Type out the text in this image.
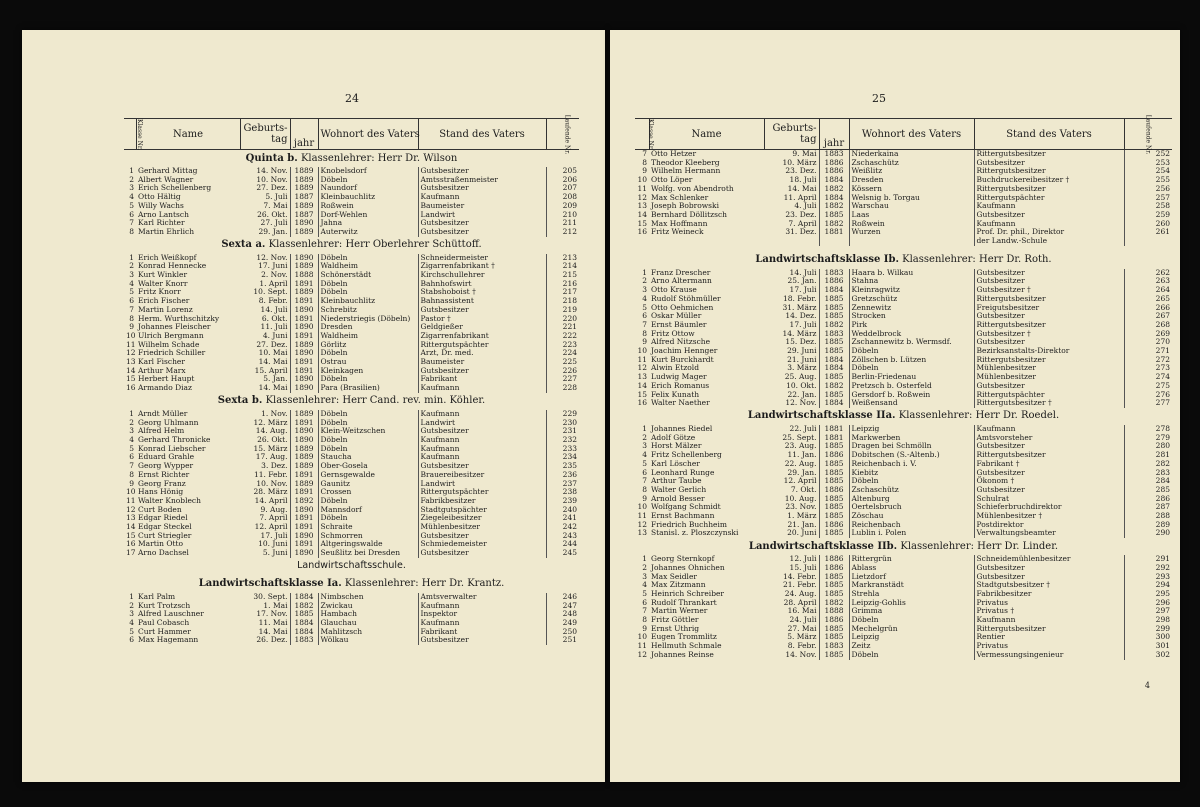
24
Klasse Nr.	Name	Geburts-
tag	jahr	Wohnort des Vaters	Stand des Vaters	Laufende Nr.
Quinta b. Klassenlehrer: Herr Dr. Wilson						
1	Gerhard Mittag	14. Nov.	1889	Knobelsdorf	Gutsbesitzer	205
2	Albert Wagner	10. Nov.	1889	Döbeln	Amtsstraßenmeister	206
3	Erich Schellenberg	27. Dez.	1889	Naundorf	Gutsbesitzer	207
4	Otto Hältig	5. Juli	1887	Kleinbauchlitz	Kaufmann	208
5	Willy Wachs	7. Mai	1889	Roßwein	Baumeister	209
6	Arno Lantsch	26. Okt.	1887	Dorf-Wehlen	Landwirt	210
7	Karl Richter	27. Juli	1890	Jahna	Gutsbesitzer	211
8	Martin Ehrlich	29. Jan.	1889	Auterwitz	Gutsbesitzer	212
Sexta a. Klassenlehrer: Herr Oberlehrer Schüttoff.						
1	Erich Weißkopf	12. Nov.	1890	Döbeln	Schneidermeister	213
2	Konrad Hennecke	17. Juni	1889	Waldheim	Zigarrenfabrikant †	214
3	Kurt Winkler	2. Nov.	1888	Schönerstädt	Kirchschullehrer	215
4	Walter Knorr	1. April	1891	Döbeln	Bahnhofswirt	216
5	Fritz Knorr	10. Sept.	1889	Döbeln	Stabshoboist †	217
6	Erich Fischer	8. Febr.	1891	Kleinbauchlitz	Bahnassistent	218
7	Martin Lorenz	14. Juli	1890	Schrebitz	Gutsbesitzer	219
8	Herm. Wurthschitzky	6. Okt.	1891	Niederstriegis (Döbeln)	Pastor †	220
9	Johannes Fleischer	11. Juli	1890	Dresden	Geldgießer	221
10	Ulrich Bergmann	4. Juni	1891	Waldheim	Zigarrenfabrikant	222
11	Wilhelm Schade	27. Dez.	1889	Görlitz	Rittergutspächter	223
12	Friedrich Schiller	10. Mai	1890	Döbeln	Arzt, Dr. med.	224
13	Karl Fischer	14. Mai	1891	Ostrau	Baumeister	225
14	Arthur Marx	15. April	1891	Kleinkagen	Gutsbesitzer	226
15	Herbert Haupt	5. Jan.	1890	Döbeln	Fabrikant	227
16	Armando Diaz	14. Mai	1890	Para (Brasilien)	Kaufmann	228
Sexta b. Klassenlehrer: Herr Cand. rev. min. Köhler.						
1	Arndt Müller	1. Nov.	1889	Döbeln	Kaufmann	229
2	Georg Uhlmann	12. März	1891	Döbeln	Landwirt	230
3	Alfred Helm	14. Aug.	1890	Klein-Weitzschen	Gutsbesitzer	231
4	Gerhard Thronicke	26. Okt.	1890	Döbeln	Kaufmann	232
5	Konrad Liebscher	15. März	1889	Döbeln	Kaufmann	233
6	Eduard Grahle	17. Aug.	1889	Staucha	Kaufmann	234
7	Georg Wypper	3. Dez.	1889	Ober-Gosela	Gutsbesitzer	235
8	Ernst Richter	11. Febr.	1891	Gernsgewalde	Brauereibesitzer	236
9	Georg Franz	10. Nov.	1889	Gaunitz	Landwirt	237
10	Hans Hönig	28. März	1891	Crossen	Rittergutspächter	238
11	Walter Knoblech	14. April	1892	Döbeln	Fabrikbesitzer	239
12	Curt Boden	9. Aug.	1890	Mannsdorf	Stadtgutspächter	240
13	Edgar Riedel	7. April	1891	Döbeln	Ziegeleibesitzer	241
14	Edgar Steckel	12. April	1891	Schraite	Mühlenbesitzer	242
15	Curt Striegler	17. Juli	1890	Schmorren	Gutsbesitzer	243
16	Martin Otto	10. Juni	1891	Altgeringswalde	Schmiedemeister	244
17	Arno Dachsel	5. Juni	1890	Seußlitz bei Dresden	Gutsbesitzer	245
Landwirtschaftsschule.						
Landwirtschaftsklasse Ia. Klassenlehrer: Herr Dr. Krantz.						
1	Karl Palm	30. Sept.	1884	Nimbschen	Amtsverwalter	246
2	Kurt Trotzsch	1. Mai	1882	Zwickau	Kaufmann	247
3	Alfred Lauschner	17. Nov.	1885	Hambach	Inspektor	248
4	Paul Cobasch	11. Mai	1884	Glauchau	Kaufmann	249
5	Curt Hammer	14. Mai	1884	Mahlitzsch	Fabrikant	250
6	Max Hagemann	26. Dez.	1883	Wölkau	Gutsbesitzer	251
25
Klasse Nr.	Name	Geburts-
tag	jahr	Wohnort des Vaters	Stand des Vaters	Laufende Nr.
7	Otto Hetzer	9. Mai	1883	Niederkaina	Rittergutsbesitzer	252
8	Theodor Kleeberg	10. März	1886	Zschaschütz	Gutsbesitzer	253
9	Wilhelm Hermann	23. Dez.	1886	Weißlitz	Rittergutsbesitzer	254
10	Otto Löper	18. Juli	1884	Dresden	Buchdruckereibesitzer †	255
11	Wolfg. von Abendroth	14. Mai	1882	Kössern	Rittergutsbesitzer	256
12	Max Schlenker	11. April	1884	Welsnig b. Torgau	Rittergutspächter	257
13	Joseph Bobrowski	4. Juli	1882	Warschau	Kaufmann	258
14	Bernhard Döllitzsch	23. Dez.	1885	Laas	Gutsbesitzer	259
15	Max Hoffmann	7. April	1882	Roßwein	Kaufmann	260
16	Fritz Weineck	31. Dez.	1881	Wurzen	Prof. Dr. phil., Direktor	261
					der Landw.-Schule	

Landwirtschaftsklasse Ib. Klassenlehrer: Herr Dr. Roth.						
1	Franz Drescher	14. Juli	1883	Haara b. Wilkau	Gutsbesitzer	262
2	Arno Altermann	25. Jan.	1886	Stahna	Gutsbesitzer	263
3	Otto Krause	17. Juli	1884	Kleinragwitz	Gutsbesitzer †	264
4	Rudolf Stöhmüller	18. Febr.	1885	Gretzschütz	Rittergutsbesitzer	265
5	Otto Oehmichen	31. März	1885	Zennewitz	Freigutsbesitzer	266
6	Oskar Müller	14. Dez.	1885	Strocken	Gutsbesitzer	267
7	Ernst Bäumler	17. Juli	1882	Pirk	Rittergutsbesitzer	268
8	Fritz Ottow	14. März	1883	Weddelbrock	Gutsbesitzer †	269
9	Alfred Nitzsche	15. Dez.	1885	Zschannewitz b. Wermsdf.	Gutsbesitzer	270
10	Joachim Hennger	29. Juni	1885	Döbeln	Bezirksanstalts-Direktor	271
11	Kurt Burckhardt	21. Juni	1884	Zöllschen b. Lützen	Rittergutsbesitzer	272
12	Alwin Etzold	3. März	1884	Döbeln	Mühlenbesitzer	273
13	Ludwig Mager	25. Aug.	1885	Berlin-Friedenau	Mühlenbesitzer	274
14	Erich Romanus	10. Okt.	1882	Pretzsch b. Osterfeld	Gutsbesitzer	275
15	Felix Kunath	22. Jan.	1885	Gersdorf b. Roßwein	Rittergutspächter	276
16	Walter Naether	12. Nov.	1884	Weißensand	Rittergutsbesitzer †	277
Landwirtschaftsklasse IIa. Klassenlehrer: Herr Dr. Roedel.						
1	Johannes Riedel	22. Juli	1881	Leipzig	Kaufmann	278
2	Adolf Götze	25. Sept.	1881	Markwerben	Amtsvorsteher	279
3	Horst Mälzer	23. Aug.	1885	Dragen bei Schmölln	Gutsbesitzer	280
4	Fritz Schellenberg	11. Jan.	1886	Dobitschen (S.-Altenb.)	Rittergutsbesitzer	281
5	Karl Löscher	22. Aug.	1885	Reichenbach i. V.	Fabrikant †	282
6	Leonhard Runge	29. Jan.	1885	Kiebitz	Gutsbesitzer	283
7	Arthur Taube	12. April	1885	Döbeln	Ökonom †	284
8	Walter Gerlich	7. Okt.	1886	Zschaschütz	Gutsbesitzer	285
9	Arnold Besser	10. Aug.	1885	Altenburg	Schulrat	286
10	Wolfgang Schmidt	23. Nov.	1885	Oertelsbruch	Schieferbruchdirektor	287
11	Ernst Bachmann	1. März	1885	Zöschau	Mühlenbesitzer †	288
12	Friedrich Buchheim	21. Jan.	1886	Reichenbach	Postdirektor	289
13	Stanisl. z. Ploszczynski	20. Juni	1885	Lublin i. Polen	Verwaltungsbeamter	290
Landwirtschaftsklasse IIb. Klassenlehrer: Herr Dr. Linder.						
1	Georg Sternkopf	12. Juli	1886	Rittergrün	Schneidemühlenbesitzer	291
2	Johannes Ohnichen	15. Juli	1886	Ablass	Gutsbesitzer	292
3	Max Seidler	14. Febr.	1885	Lietzdorf	Gutsbesitzer	293
4	Max Zitzmann	21. Febr.	1885	Markranstädt	Stadtgutsbesitzer †	294
5	Heinrich Schreiber	24. Aug.	1885	Strehla	Fabrikbesitzer	295
6	Rudolf Thrankart	28. April	1882	Leipzig-Gohlis	Privatus	296
7	Martin Werner	16. Mai	1888	Grimma	Privatus †	297
8	Fritz Göttler	24. Juli	1886	Döbeln	Kaufmann	298
9	Ernst Uthrig	27. Mai	1885	Mechelgrün	Rittergutsbesitzer	299
10	Eugen Trommlitz	5. März	1885	Leipzig	Rentier	300
11	Hellmuth Schmale	8. Febr.	1883	Zeitz	Privatus	301
12	Johannes Reinse	14. Nov.	1885	Döbeln	Vermessungsingenieur	302
4
